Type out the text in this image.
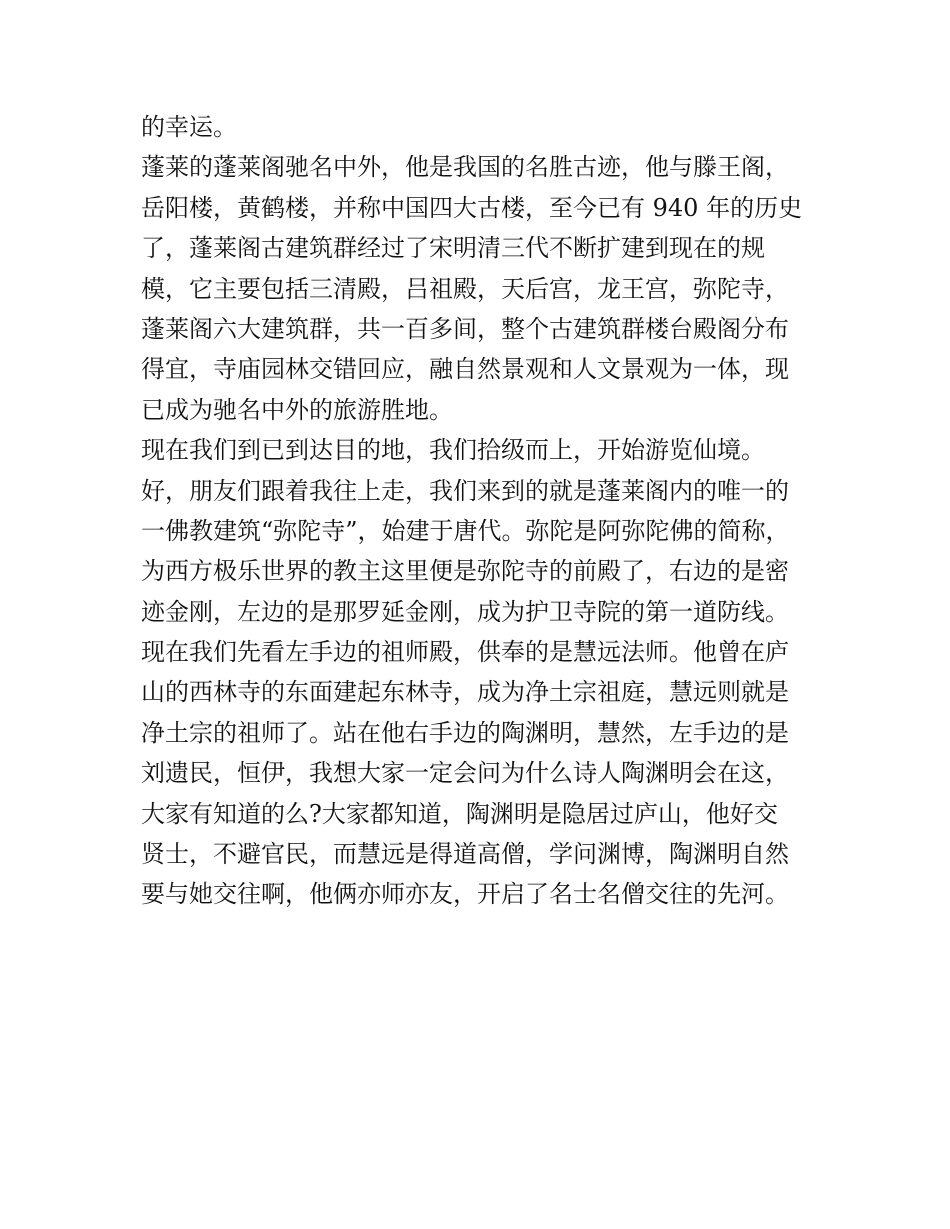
的幸运。
蓬莱的蓬莱阁驰名中外，他是我国的名胜古迹，他与滕王阁，
岳阳楼，黄鹤楼，并称中国四大古楼，至今已有 940 年的历史
了，蓬莱阁古建筑群经过了宋明清三代不断扩建到现在的规
模，它主要包括三清殿，吕祖殿，天后宫，龙王宫，弥陀寺，
蓬莱阁六大建筑群，共一百多间，整个古建筑群楼台殿阁分布
得宜，寺庙园林交错回应，融自然景观和人文景观为一体，现
已成为驰名中外的旅游胜地。
现在我们到已到达目的地，我们拾级而上，开始游览仙境。
好，朋友们跟着我往上走，我们来到的就是蓬莱阁内的唯一的
一佛教建筑“弥陀寺”，始建于唐代。弥陀是阿弥陀佛的简称，
为西方极乐世界的教主这里便是弥陀寺的前殿了，右边的是密
迹金刚，左边的是那罗延金刚，成为护卫寺院的第一道防线。
现在我们先看左手边的祖师殿，供奉的是慧远法师。他曾在庐
山的西林寺的东面建起东林寺，成为净土宗祖庭，慧远则就是
净土宗的祖师了。站在他右手边的陶渊明，慧然，左手边的是
刘遗民，恒伊，我想大家一定会问为什么诗人陶渊明会在这，
大家有知道的么?大家都知道，陶渊明是隐居过庐山，他好交
贤士，不避官民，而慧远是得道高僧，学问渊博，陶渊明自然
要与她交往啊，他俩亦师亦友，开启了名士名僧交往的先河。
